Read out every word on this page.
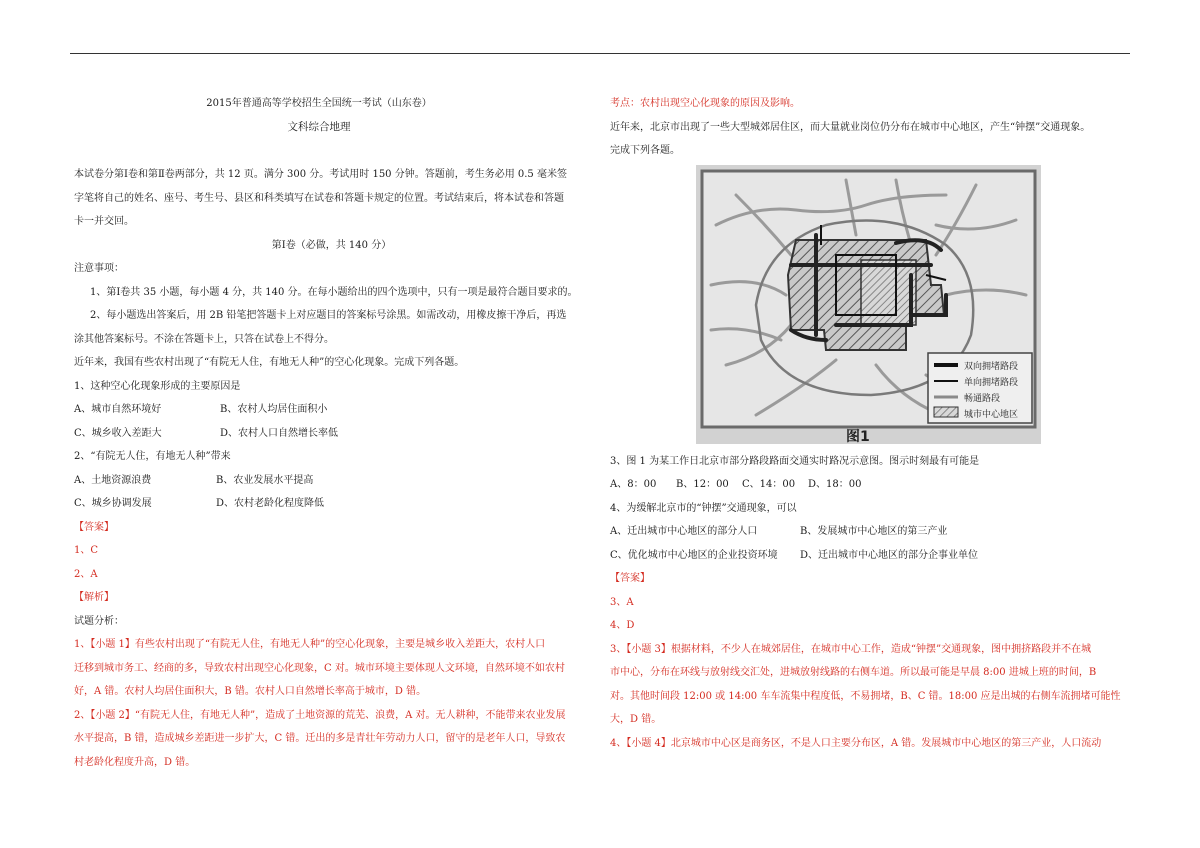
2015年普通高等学校招生全国统一考试（山东卷）

文科综合地理

本试卷分第Ⅰ卷和第Ⅱ卷两部分，共 12 页。满分 300 分。考试用时 150 分钟。答题前，考生务必用 0.5 毫米签

字笔将自己的姓名、座号、考生号、县区和科类填写在试卷和答题卡规定的位置。考试结束后，将本试卷和答题

卡一并交回。

第Ⅰ卷（必做，共 140 分）

注意事项：

1、第Ⅰ卷共 35 小题，每小题 4 分，共 140 分。在每小题给出的四个选项中，只有一项是最符合题目要求的。

2、每小题选出答案后，用 2B 铅笔把答题卡上对应题目的答案标号涂黑。如需改动，用橡皮擦干净后，再选

涂其他答案标号。不涂在答题卡上，只答在试卷上不得分。

近年来，我国有些农村出现了“有院无人住，有地无人种”的空心化现象。完成下列各题。

1、这种空心化现象形成的主要原因是

A、城市自然环境好	B、农村人均居住面积小

C、城乡收入差距大	D、农村人口自然增长率低

2、“有院无人住，有地无人种”带来

A、土地资源浪费	B、农业发展水平提高

C、城乡协调发展	D、农村老龄化程度降低

【答案】

1、C

2、A

【解析】

试题分析：

1、【小题 1】有些农村出现了“有院无人住，有地无人种”的空心化现象，主要是城乡收入差距大，农村人口

迁移到城市务工、经商的多，导致农村出现空心化现象，C 对。城市环境主要体现人文环境，自然环境不如农村

好，A 错。农村人均居住面积大，B 错。农村人口自然增长率高于城市，D 错。

2、【小题 2】“有院无人住，有地无人种”，造成了土地资源的荒芜、浪费，A 对。无人耕种，不能带来农业发展

水平提高，B 错，造成城乡差距进一步扩大，C 错。迁出的多是青壮年劳动力人口，留守的是老年人口，导致农

村老龄化程度升高，D 错。

考点：农村出现空心化现象的原因及影响。

近年来，北京市出现了一些大型城郊居住区，而大量就业岗位仍分布在城市中心地区，产生“钟摆”交通现象。

完成下列各题。

双向拥堵路段
单向拥堵路段
畅通路段
城市中心地区
图1

3、图 1 为某工作日北京市部分路段路面交通实时路况示意图。图示时刻最有可能是

A、8：00 B、12：00 C、14：00 D、18：00

4、为缓解北京市的“钟摆”交通现象，可以

A、迁出城市中心地区的部分人口	B、发展城市中心地区的第三产业

C、优化城市中心地区的企业投资环境 D、迁出城市中心地区的部分企事业单位

【答案】

3、A

4、D

3、【小题 3】根据材料，不少人在城郊居住，在城市中心工作，造成“钟摆”交通现象，图中拥挤路段并不在城

市中心，分布在环线与放射线交汇处，进城放射线路的右侧车道。所以最可能是早晨 8:00 进城上班的时间，B

对。其他时间段 12:00 或 14:00 车车流集中程度低，不易拥堵，B、C 错。18:00 应是出城的右侧车流拥堵可能性

大，D 错。

4、【小题 4】北京城市中心区是商务区，不是人口主要分布区，A 错。发展城市中心地区的第三产业，人口流动
